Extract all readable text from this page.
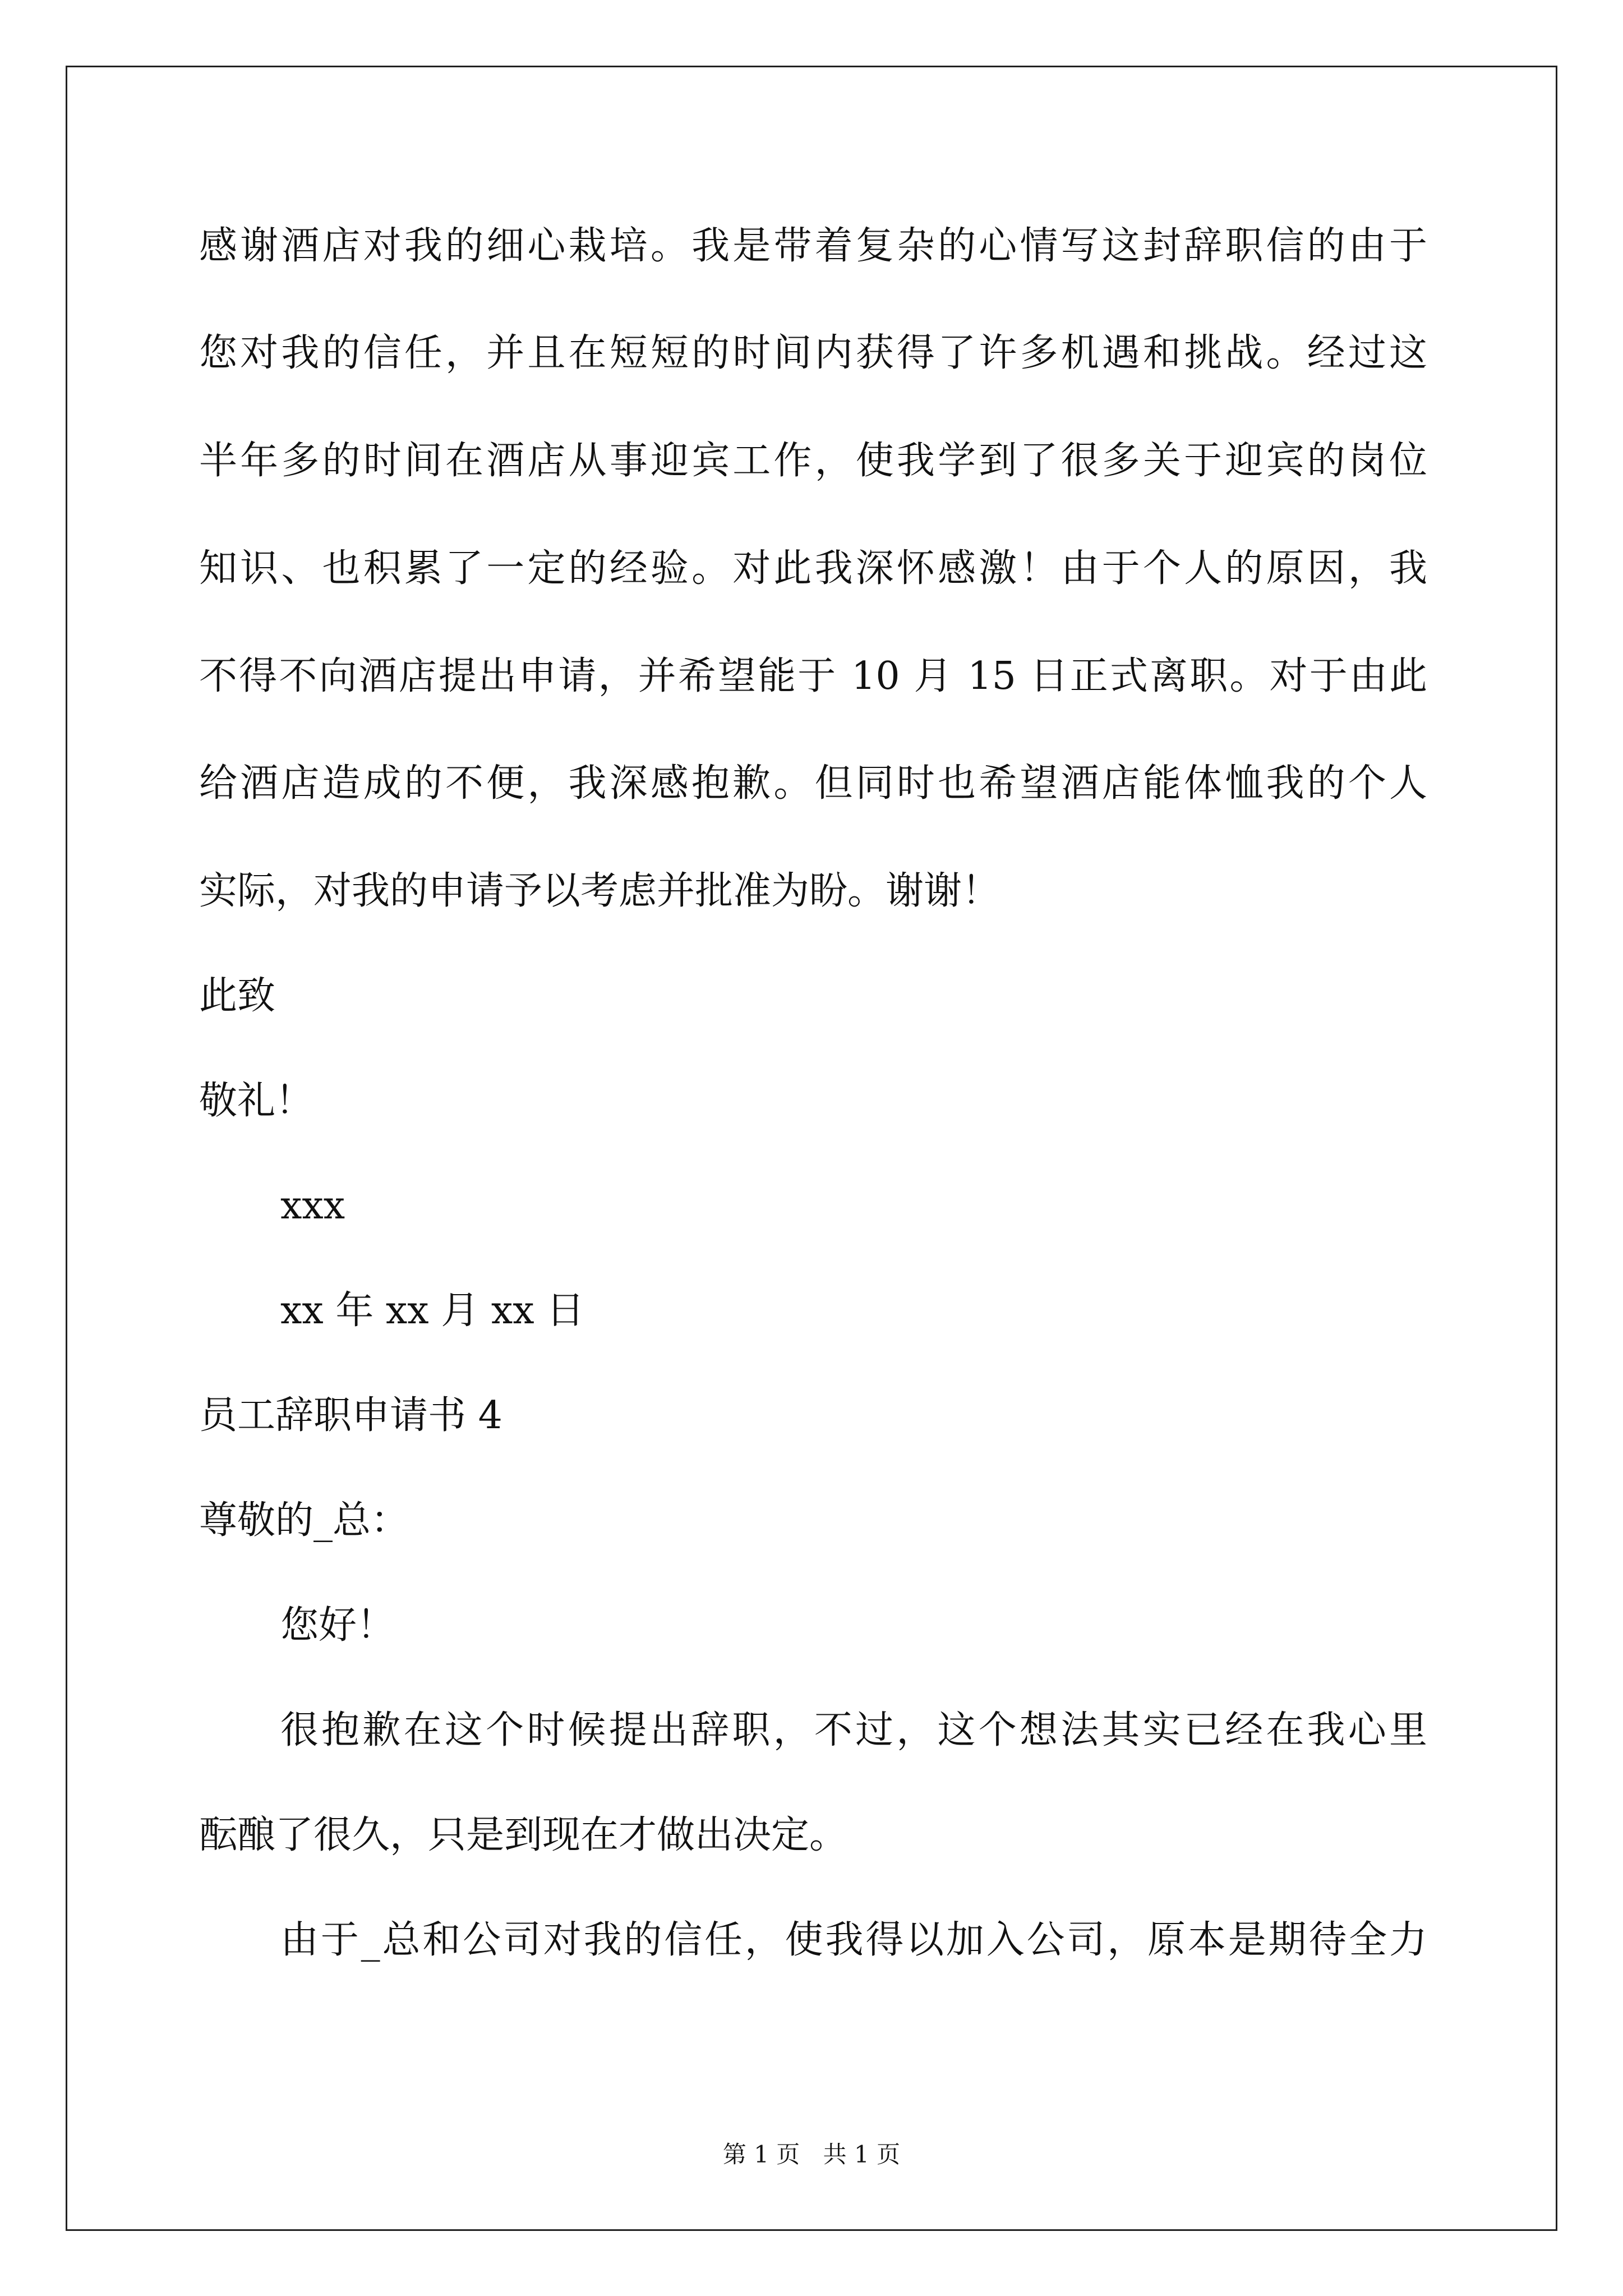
感谢酒店对我的细心栽培。我是带着复杂的心情写这封辞职信的由于
您对我的信任，并且在短短的时间内获得了许多机遇和挑战。经过这
半年多的时间在酒店从事迎宾工作，使我学到了很多关于迎宾的岗位
知识、也积累了一定的经验。对此我深怀感激！由于个人的原因，我
不得不向酒店提出申请，并希望能于 10 月 15 日正式离职。对于由此
给酒店造成的不便，我深感抱歉。但同时也希望酒店能体恤我的个人
实际，对我的申请予以考虑并批准为盼。谢谢！
此致
敬礼！
xxx
xx 年 xx 月 xx 日
员工辞职申请书 4
尊敬的_总：
您好！
很抱歉在这个时候提出辞职，不过，这个想法其实已经在我心里
酝酿了很久，只是到现在才做出决定。
由于_总和公司对我的信任，使我得以加入公司，原本是期待全力
第 1 页 共 1 页
